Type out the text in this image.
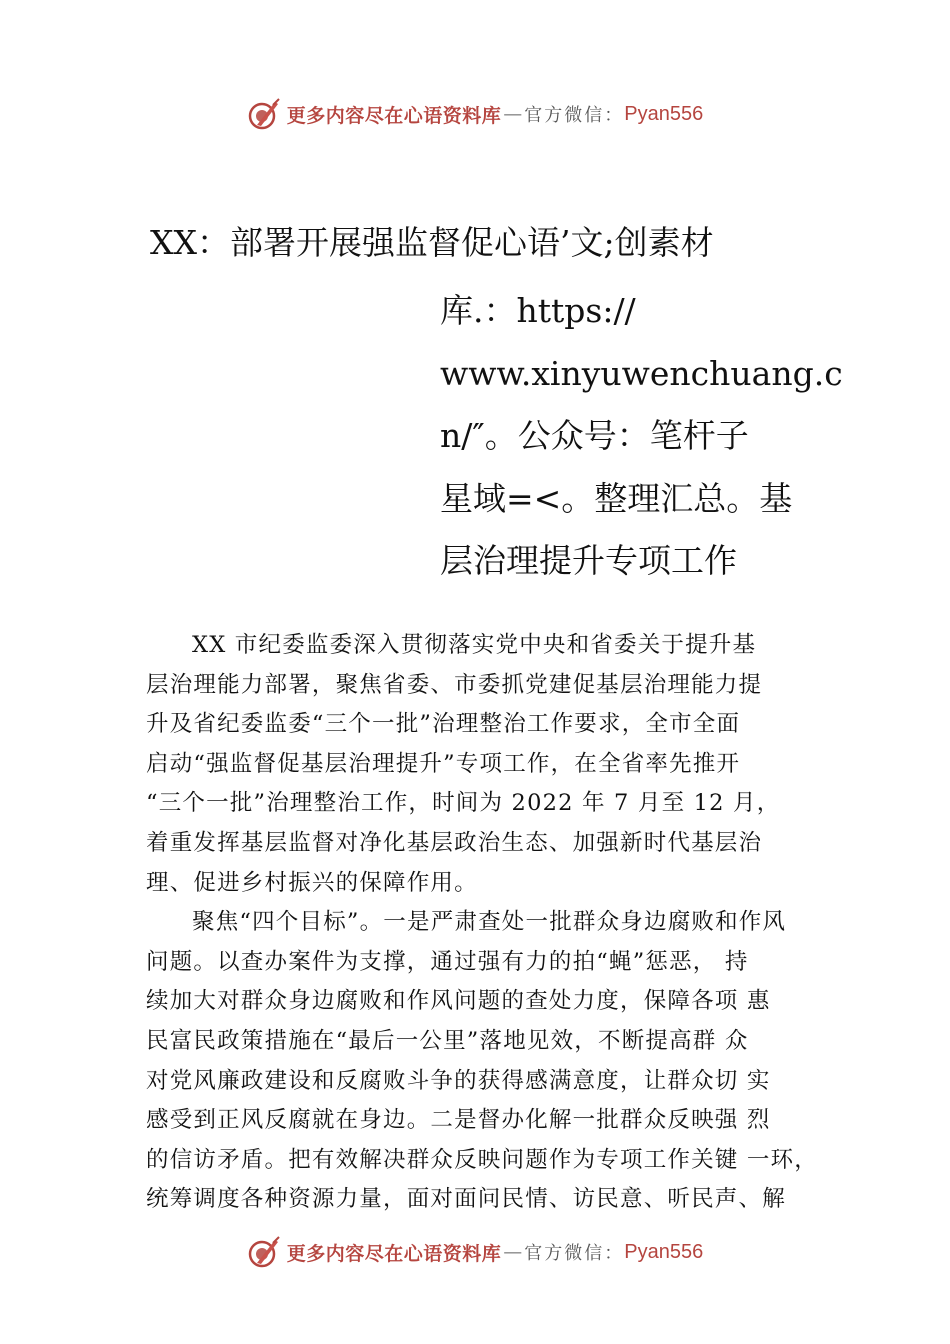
更多内容尽在心语资料库 — 官方微信： Pyan556
XX：部署开展强监督促心语’文;创素材
库.：https://
www.xinyuwenchuang.c
n/″。公众号：笔杆子
星域=<。整理汇总。基
层治理提升专项工作
XX 市纪委监委深入贯彻落实党中央和省委关于提升基
层治理能力部署，聚焦省委、市委抓党建促基层治理能力提
升及省纪委监委“三个一批”治理整治工作要求，全市全面
启动“强监督促基层治理提升”专项工作，在全省率先推开
“三个一批”治理整治工作，时间为 2022 年 7 月至 12 月，
着重发挥基层监督对净化基层政治生态、加强新时代基层治
理、促进乡村振兴的保障作用。
聚焦“四个目标”。一是严肃查处一批群众身边腐败和作风
问题。以查办案件为支撑，通过强有力的拍“蝇”惩恶， 持
续加大对群众身边腐败和作风问题的查处力度，保障各项 惠
民富民政策措施在“最后一公里”落地见效，不断提高群 众
对党风廉政建设和反腐败斗争的获得感满意度，让群众切 实
感受到正风反腐就在身边。二是督办化解一批群众反映强 烈
的信访矛盾。把有效解决群众反映问题作为专项工作关键 一环，
统筹调度各种资源力量，面对面问民情、访民意、听民声、解
更多内容尽在心语资料库 — 官方微信： Pyan556
